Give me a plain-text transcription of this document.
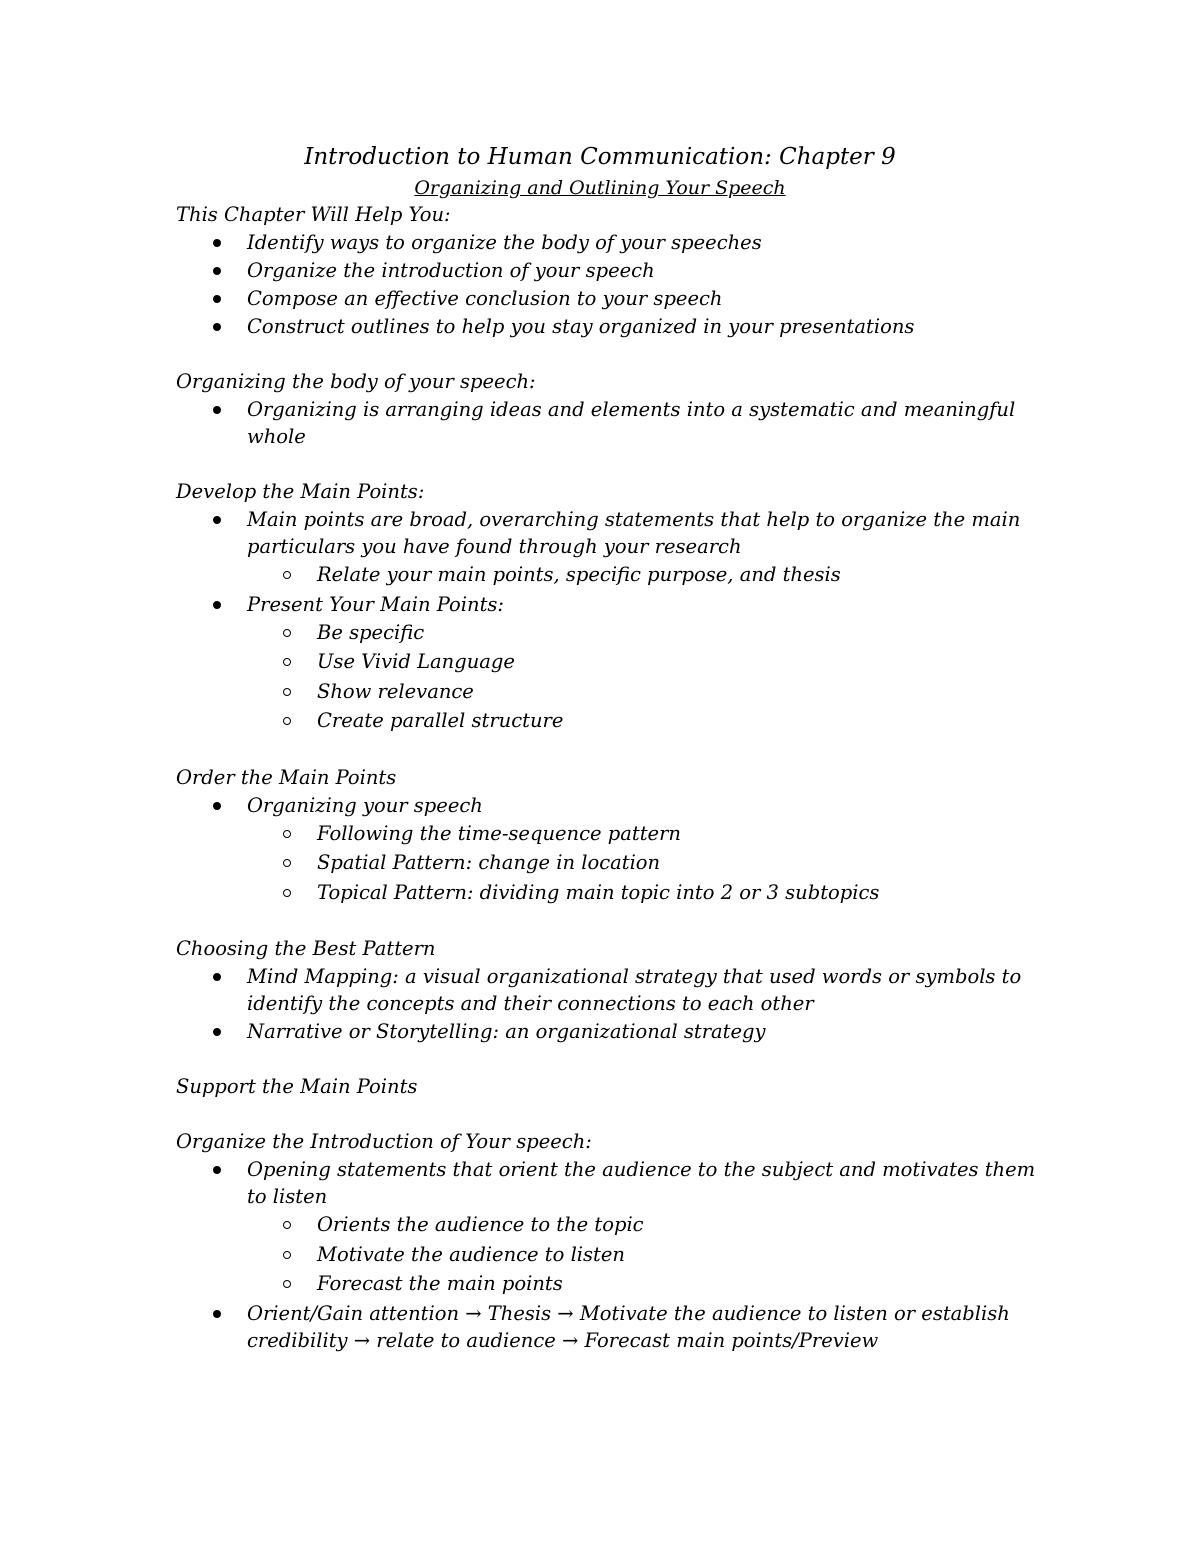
Introduction to Human Communication: Chapter 9
Organizing and Outlining Your Speech
This Chapter Will Help You:
Identify ways to organize the body of your speeches
Organize the introduction of your speech
Compose an effective conclusion to your speech
Construct outlines to help you stay organized in your presentations
Organizing the body of your speech:
Organizing is arranging ideas and elements into a systematic and meaningful whole
Develop the Main Points:
Main points are broad, overarching statements that help to organize the main particulars you have found through your research
Relate your main points, specific purpose, and thesis
Present Your Main Points:
Be specific
Use Vivid Language
Show relevance
Create parallel structure
Order the Main Points
Organizing your speech
Following the time-sequence pattern
Spatial Pattern: change in location
Topical Pattern: dividing main topic into 2 or 3 subtopics
Choosing the Best Pattern
Mind Mapping: a visual organizational strategy that used words or symbols to identify the concepts and their connections to each other
Narrative or Storytelling: an organizational strategy
Support the Main Points
Organize the Introduction of Your speech:
Opening statements that orient the audience to the subject and motivates them to listen
Orients the audience to the topic
Motivate the audience to listen
Forecast the main points
Orient/Gain attention → Thesis → Motivate the audience to listen or establish credibility → relate to audience → Forecast main points/Preview
